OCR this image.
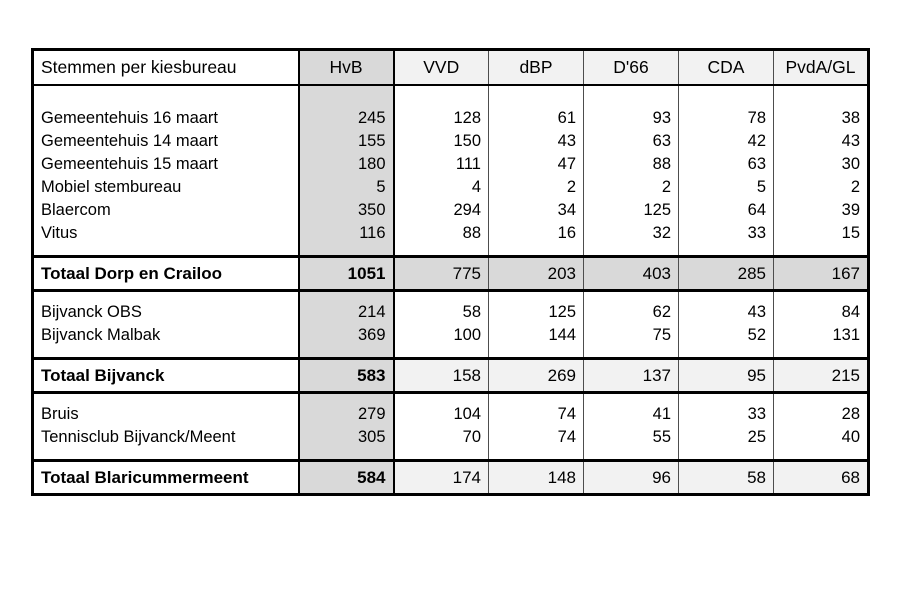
Stemmen per kiesbureau	HvB	VVD	dBP	D'66	CDA	PvdA/GL

Gemeentehuis 16 maart	245	128	61	93	78	38
Gemeentehuis 14 maart	155	150	43	63	42	43
Gemeentehuis 15 maart	180	111	47	88	63	30
Mobiel stembureau	5	4	2	2	5	2
Blaercom	350	294	34	125	64	39
Vitus	116	88	16	32	33	15

Totaal Dorp en Crailoo	1051	775	203	403	285	167

Bijvanck OBS	214	58	125	62	43	84
Bijvanck Malbak	369	100	144	75	52	131

Totaal Bijvanck	583	158	269	137	95	215

Bruis	279	104	74	41	33	28
Tennisclub Bijvanck/Meent	305	70	74	55	25	40

Totaal Blaricummermeent	584	174	148	96	58	68
